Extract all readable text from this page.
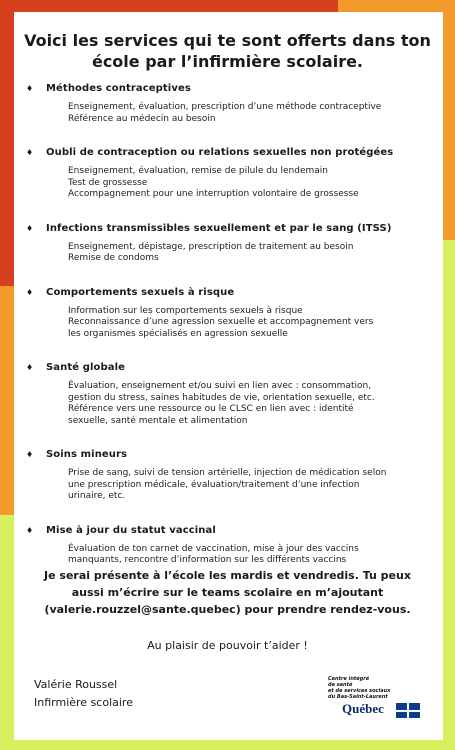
Voici les services qui te sont offerts dans ton école par l’infirmière scolaire.
♦	Méthodes contraceptives
Enseignement, évaluation, prescription d’une méthode contraceptive
Référence au médecin au besoin
♦	Oubli de contraception ou relations sexuelles non protégées
Enseignement, évaluation, remise de pilule du lendemain
Test de grossesse
Accompagnement pour une interruption volontaire de grossesse
♦	Infections transmissibles sexuellement et par le sang (ITSS)
Enseignement, dépistage, prescription de traitement au besoin
Remise de condoms
♦	Comportements sexuels à risque
Information sur les comportements sexuels à risque
Reconnaissance d’une agression sexuelle et accompagnement vers
les organismes spécialisés en agression sexuelle
♦	Santé globale
Évaluation, enseignement et/ou suivi en lien avec : consommation,
gestion du stress, saines habitudes de vie, orientation sexuelle, etc.
Référence vers une ressource ou le CLSC en lien avec : identité
sexuelle, santé mentale et alimentation
♦	Soins mineurs
Prise de sang, suivi de tension artérielle, injection de médication selon
une prescription médicale, évaluation/traitement d’une infection
urinaire, etc.
♦	Mise à jour du statut vaccinal
Évaluation de ton carnet de vaccination, mise à jour des vaccins
manquants, rencontre d’information sur les différents vaccins
Je serai présente à l’école les mardis et vendredis. Tu peux
aussi m’écrire sur le teams scolaire en m’ajoutant
(valerie.rouzzel@sante.quebec) pour prendre rendez-vous.
Au plaisir de pouvoir t’aider !
Valérie Roussel
Infirmière scolaire
Centre intégré
de santé
et de services sociaux
du Bas-Saint-Laurent
Québec
